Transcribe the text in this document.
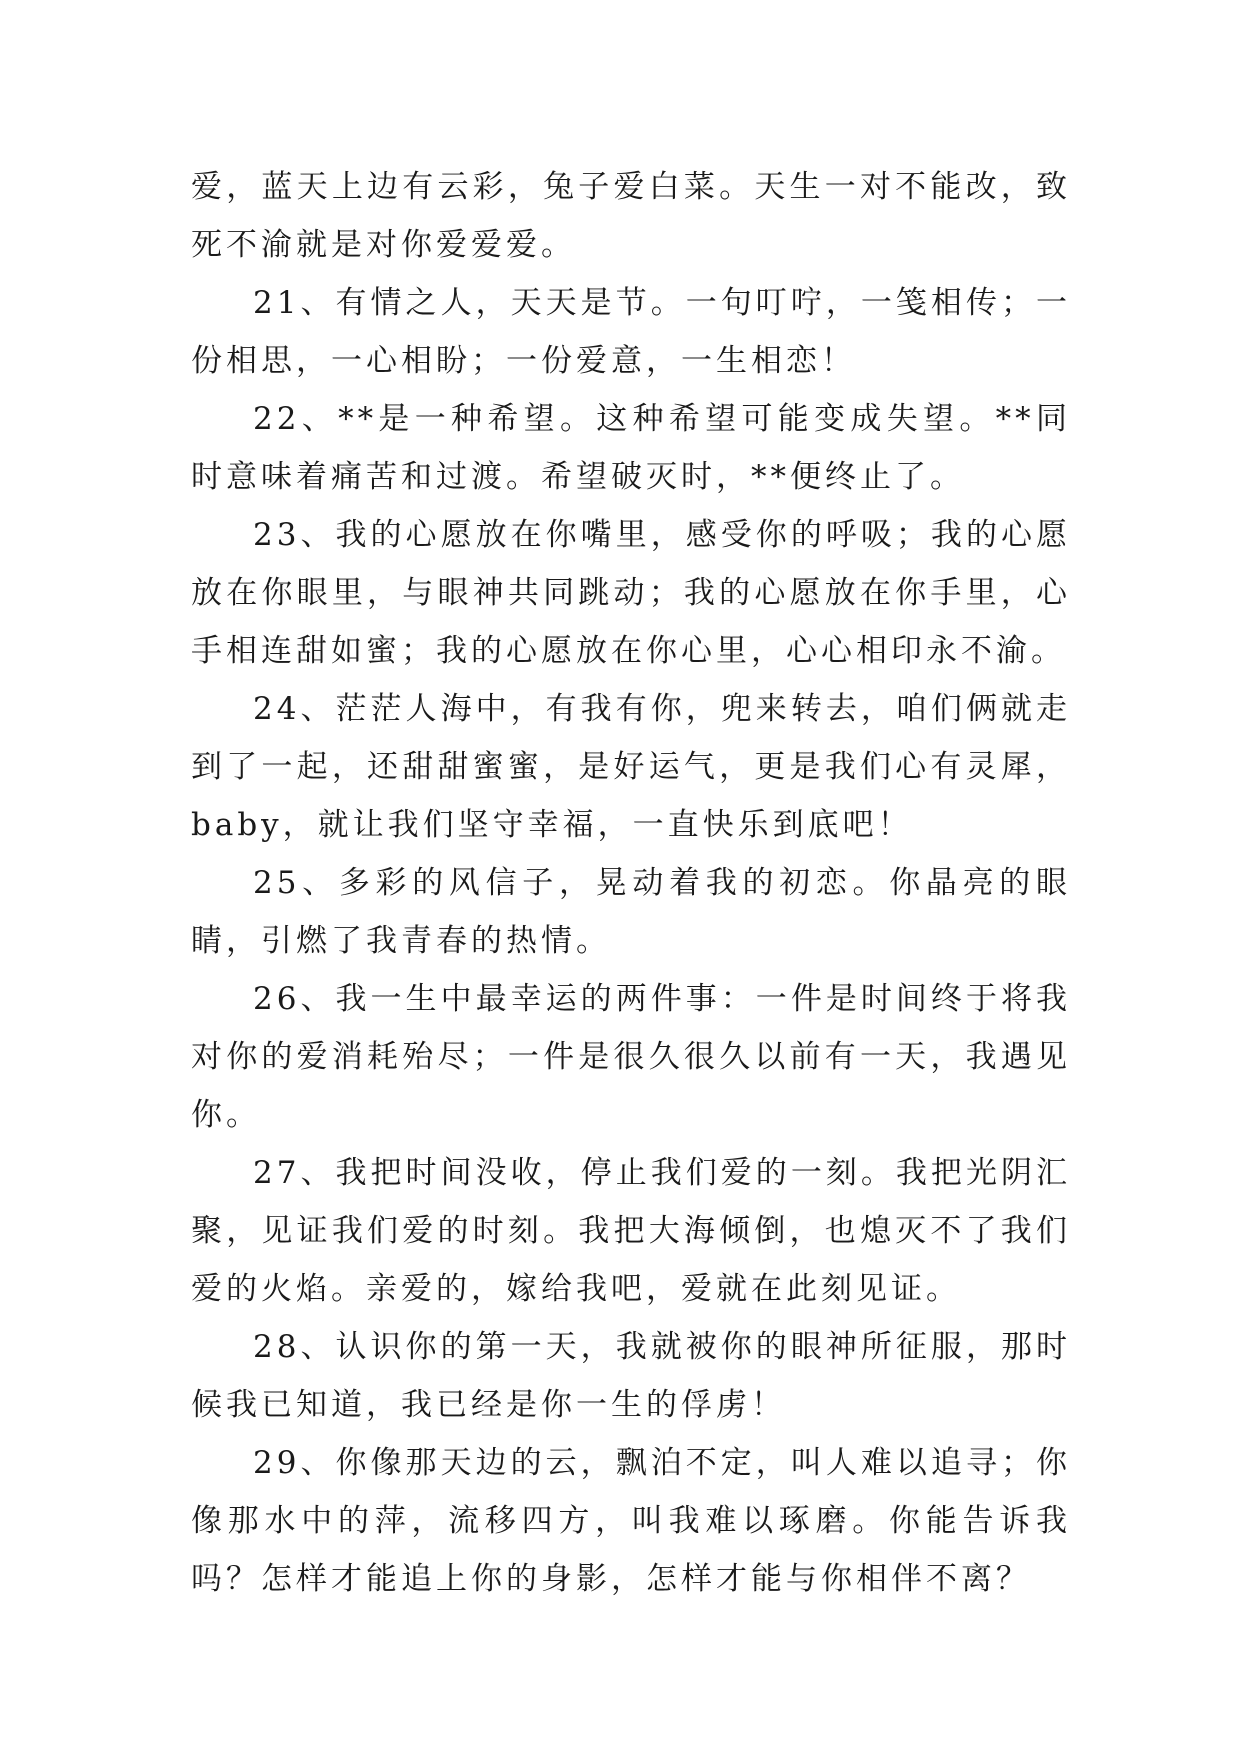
爱，蓝天上边有云彩，兔子爱白菜。天生一对不能改，致死不渝就是对你爱爱爱。

21、有情之人，天天是节。一句叮咛，一笺相传；一份相思，一心相盼；一份爱意，一生相恋！

22、**是一种希望。这种希望可能变成失望。**同时意味着痛苦和过渡。希望破灭时，**便终止了。

23、我的心愿放在你嘴里，感受你的呼吸；我的心愿放在你眼里，与眼神共同跳动；我的心愿放在你手里，心手相连甜如蜜；我的心愿放在你心里，心心相印永不渝。

24、茫茫人海中，有我有你，兜来转去，咱们俩就走到了一起，还甜甜蜜蜜，是好运气，更是我们心有灵犀，baby，就让我们坚守幸福，一直快乐到底吧！

25、多彩的风信子，晃动着我的初恋。你晶亮的眼睛，引燃了我青春的热情。

26、我一生中最幸运的两件事：一件是时间终于将我对你的爱消耗殆尽；一件是很久很久以前有一天，我遇见你。

27、我把时间没收，停止我们爱的一刻。我把光阴汇聚，见证我们爱的时刻。我把大海倾倒，也熄灭不了我们爱的火焰。亲爱的，嫁给我吧，爱就在此刻见证。

28、认识你的第一天，我就被你的眼神所征服，那时候我已知道，我已经是你一生的俘虏！

29、你像那天边的云，飘泊不定，叫人难以追寻；你像那水中的萍，流移四方，叫我难以琢磨。你能告诉我吗？怎样才能追上你的身影，怎样才能与你相伴不离？
